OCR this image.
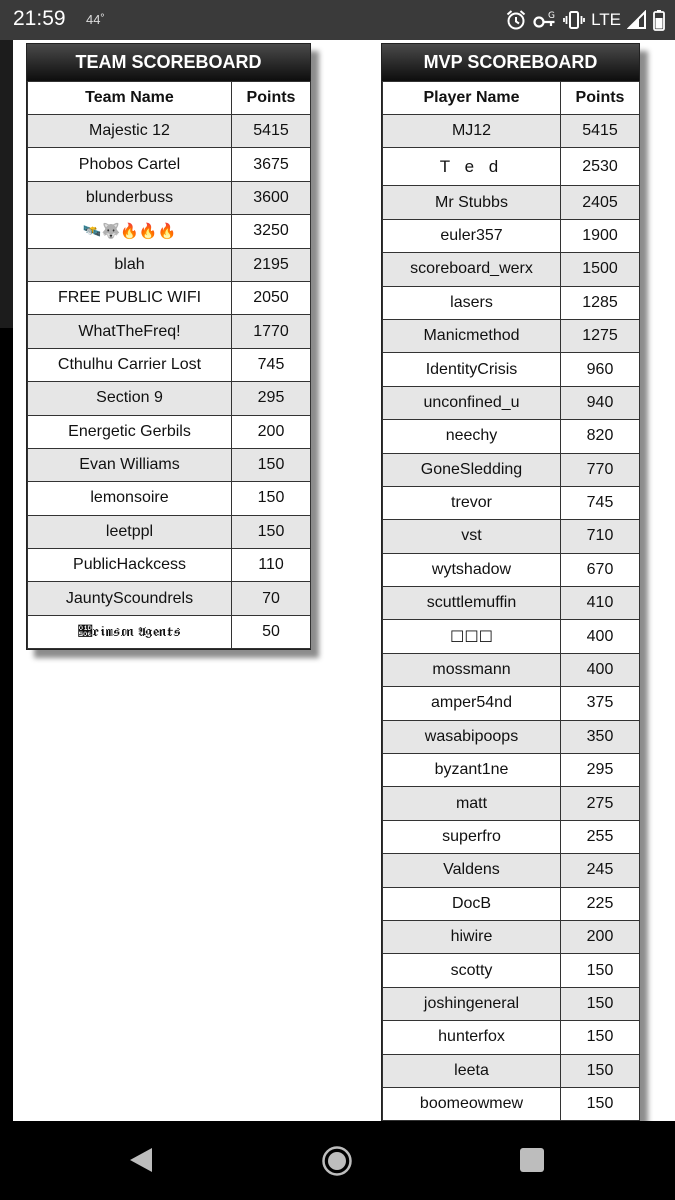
21:59 44˚	G LTE
TEAM SCOREBOARD
Team Name	Points
Majestic 12	5415
Phobos Cartel	3675
blunderbuss	3600
🛰️🐺🔥🔥🔥	3250
blah	2195
FREE PUBLIC WIFI	2050
WhatTheFreq!	1770
Cthulhu Carrier Lost	745
Section 9	295
Energetic Gerbils	200
Evan Williams	150
lemonsoire	150
leetppl	150
PublicHackcess	110
JauntyScoundrels	70
𝔆𝔯𝔦𝔪𝔰𝔬𝔫 𝔄𝔤𝔢𝔫𝔱𝔰	50
MVP SCOREBOARD
Player Name	Points
MJ12	5415
T e d	2530
Mr Stubbs	2405
euler357	1900
scoreboard_werx	1500
lasers	1285
Manicmethod	1275
IdentityCrisis	960
unconfined_u	940
neechy	820
GoneSledding	770
trevor	745
vst	710
wytshadow	670
scuttlemuffin	410
☐☐☐	400
mossmann	400
amper54nd	375
wasabipoops	350
byzant1ne	295
matt	275
superfro	255
Valdens	245
DocB	225
hiwire	200
scotty	150
joshingeneral	150
hunterfox	150
leeta	150
boomeowmew	150
